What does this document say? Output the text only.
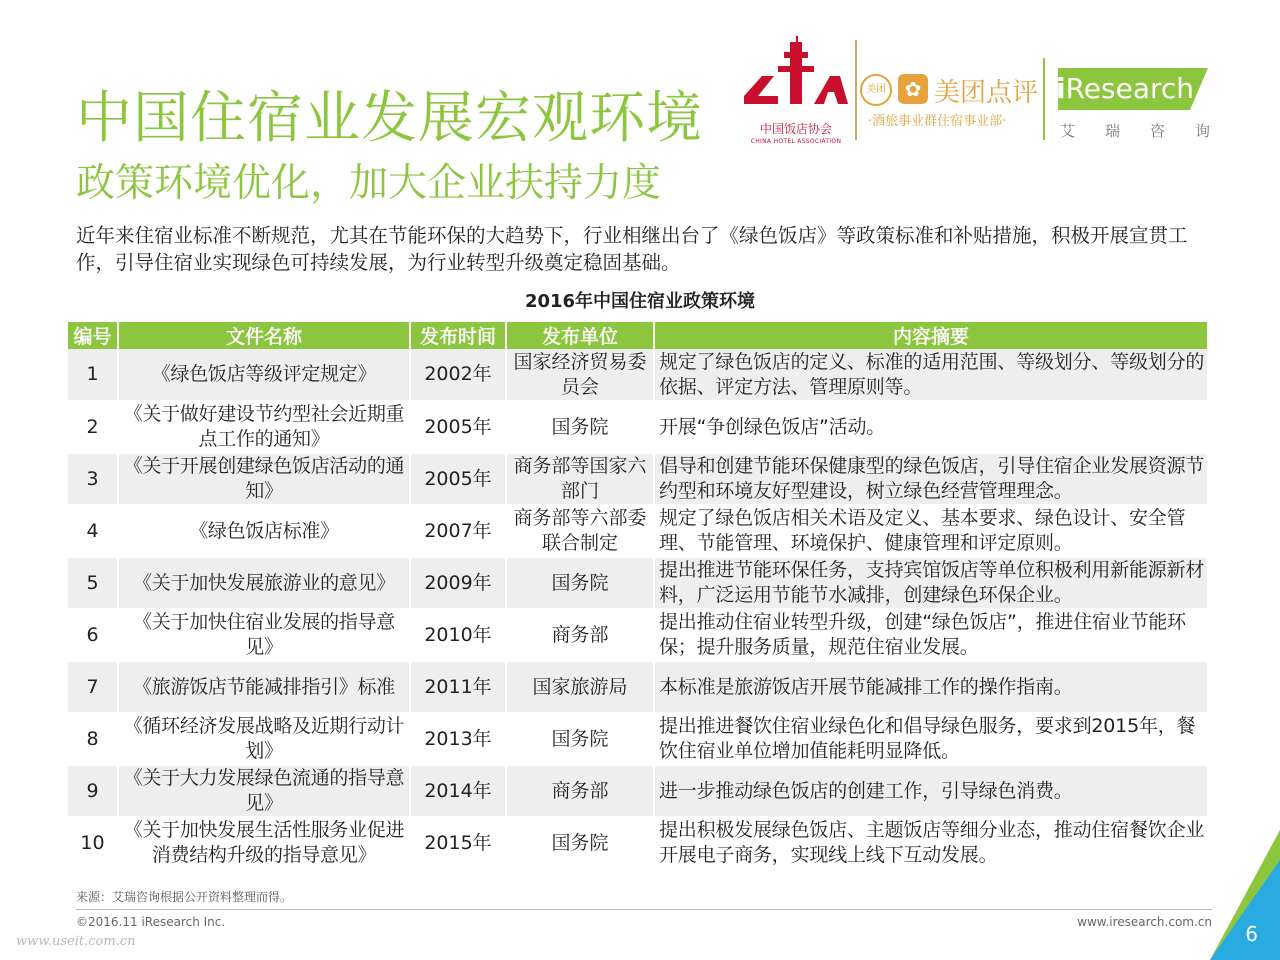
中国住宿业发展宏观环境
政策环境优化，加大企业扶持力度
中国饭店协会
CHINA HOTEL ASSOCIATION
美团 ✿ 美团点评
·酒旅事业群住宿事业部·
iResearch
艾瑞咨询
近年来住宿业标准不断规范，尤其在节能环保的大趋势下，行业相继出台了《绿色饭店》等政策标准和补贴措施，积极开展宣贯工作，引导住宿业实现绿色可持续发展，为行业转型升级奠定稳固基础。
2016年中国住宿业政策环境
编号	文件名称	发布时间	发布单位	内容摘要
1	《绿色饭店等级评定规定》	2002年	国家经济贸易委员会	规定了绿色饭店的定义、标准的适用范围、等级划分、等级划分的依据、评定方法、管理原则等。
2	《关于做好建设节约型社会近期重点工作的通知》	2005年	国务院	开展“争创绿色饭店”活动。
3	《关于开展创建绿色饭店活动的通知》	2005年	商务部等国家六部门	倡导和创建节能环保健康型的绿色饭店，引导住宿企业发展资源节约型和环境友好型建设，树立绿色经营管理理念。
4	《绿色饭店标准》	2007年	商务部等六部委联合制定	规定了绿色饭店相关术语及定义、基本要求、绿色设计、安全管理、节能管理、环境保护、健康管理和评定原则。
5	《关于加快发展旅游业的意见》	2009年	国务院	提出推进节能环保任务，支持宾馆饭店等单位积极利用新能源新材料，广泛运用节能节水减排，创建绿色环保企业。
6	《关于加快住宿业发展的指导意见》	2010年	商务部	提出推动住宿业转型升级，创建“绿色饭店”，推进住宿业节能环保；提升服务质量，规范住宿业发展。
7	《旅游饭店节能减排指引》标准	2011年	国家旅游局	本标准是旅游饭店开展节能减排工作的操作指南。
8	《循环经济发展战略及近期行动计划》	2013年	国务院	提出推进餐饮住宿业绿色化和倡导绿色服务，要求到2015年，餐饮住宿业单位增加值能耗明显降低。
9	《关于大力发展绿色流通的指导意见》	2014年	商务部	进一步推动绿色饭店的创建工作，引导绿色消费。
10	《关于加快发展生活性服务业促进消费结构升级的指导意见》	2015年	国务院	提出积极发展绿色饭店、主题饭店等细分业态，推动住宿餐饮企业开展电子商务，实现线上线下互动发展。
来源：艾瑞咨询根据公开资料整理而得。
©2016.11 iResearch Inc.	www.iresearch.com.cn
www.useit.com.cn	6
